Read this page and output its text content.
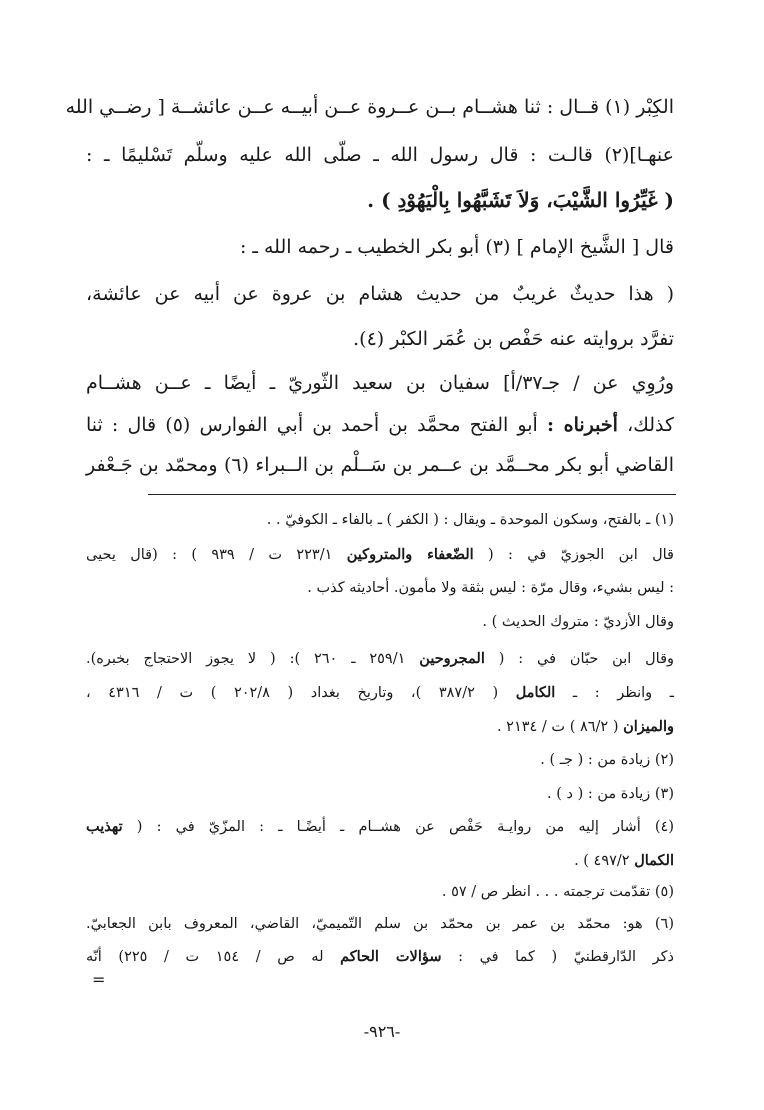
الكِبْر (١) قــال : ثنا هشــام بــن عــروة عــن أبيــه عــن عائشــة [ رضــي الله
عنهـا](٢) قالـت : قال رسول الله ـ صلّى الله عليه وسلّم تَسْليمًا ـ :
( غَيِّرُوا الشَّيْبَ، وَلاَ تَشَبَّهُوا بِالْيَهُوْدِ ) .
قال [ الشَّيخ الإمام ] (٣) أبو بكر الخطيب ـ رحمه الله ـ :
( هذا حديثٌ غريبٌ من حديث هشام بن عروة عن أبيه عن عائشة،
تفرَّد بروايته عنه حَفْص بن عُمَر الكبْر (٤).
ورُوِي عن / جـ٣٧/أ] سفيان بن سعيد الثّوريّ ـ أيضًا ـ عــن هشــام
كذلك، أخبرناه : أبو الفتح محمَّد بن أحمد بن أبي الفوارس (٥) قال : ثنا
القاضي أبو بكر محــمَّد بن عــمر بن سَــلْم بن الــبراء (٦) ومحمّد بن جَـعْفر
(١) ـ بالفتح، وسكون الموحدة ـ ويقال : ( الكفر ) ـ بالفاء ـ الكوفيّ . .
قال ابن الجوزيّ في : ( الضّعفاء والمتروكين ٢٢٣/١ ت / ٩٣٩ ) : (قال يحيى
: ليس بشيء، وقال مرّة : ليس بثقة ولا مأمون. أحاديثه كذب .
وقال الأزديّ : متروك الحديث ) .
وقال ابن حبّان في : ( المجروحين ٢٥٩/١ ـ ٢٦٠ ): ( لا يجوز الاحتجاج بخبره).
ـ وانظر : ـ الكامل ( ٣٨٧/٢ )، وتاريخ بغداد ( ٢٠٢/٨ ) ت / ٤٣١٦ ،
والميزان ( ٨٦/٢ ) ت / ٢١٣٤ .
(٢) زيادة من : ( جـ ) .
(٣) زيادة من : ( د ) .
(٤) أشار إليه من روايـة حَفْص عن هشــام ـ أيضًـا ـ : المزّيّ في : ( تهذيب
الكمال ٤٩٧/٢ ) .
(٥) تقدّمت ترجمته . . . انظر ص / ٥٧ .
(٦) هو: محمّد بن عمر بن محمّد بن سلم التّميميّ، القاضي، المعروف بابن الجعابيّ.
ذكر الدّارقطنيّ ( كما في : سؤالات الحاكم له ص / ١٥٤ ت / ٢٢٥) أنّه
=
-٩٢٦-
